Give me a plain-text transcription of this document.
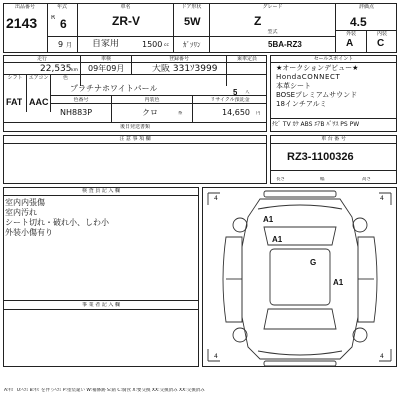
出品番号
2143
年式
R 6
9 月
車名
ZR-V
自家用
ドア形状
5W
1500 cc ｶﾞｿﾘﾝ
グレード
Z
型式
5BA-RZ3
評価点
4.5
外装	内装
A C
走行	車検	登録番号	乗車定員
22,535 km 09年09月	大阪 331ｿ3999
シフト	エアコン	色
プラチナホワイトパール	5 人
FAT AAC	色番号	内装色	リサイクル預託金
NH883P	クロ	系	14,650 円
後日発送書類
セールスポイント
★オークションデビュー★
HondaCONNECT
本革シート
BOSEプレミアムサウンド
18インチアルミ
ﾅﾋﾞ TV ｶｸ ABS ｴｱB ﾊﾟﾜｽ PS PW
注 意 事 項 欄	車 台 番 号
RZ3-1100326
長さ	幅	高さ
検 査 員 記 入 欄
室内内張傷
室内汚れ
シート切れ・破れ小、しわ小
外装小傷有り
事 業 者 記 入 欄
A1
A1
G
A1
4	4
4	4
A:ｷｽﾞ U:ﾍｺﾐ B:ｷｽﾞを伴うﾍｺﾐ P:塗装違い W:補修跡 S:錆 C:腐食 X:要交換 XX:交換済み XX:交換済み
